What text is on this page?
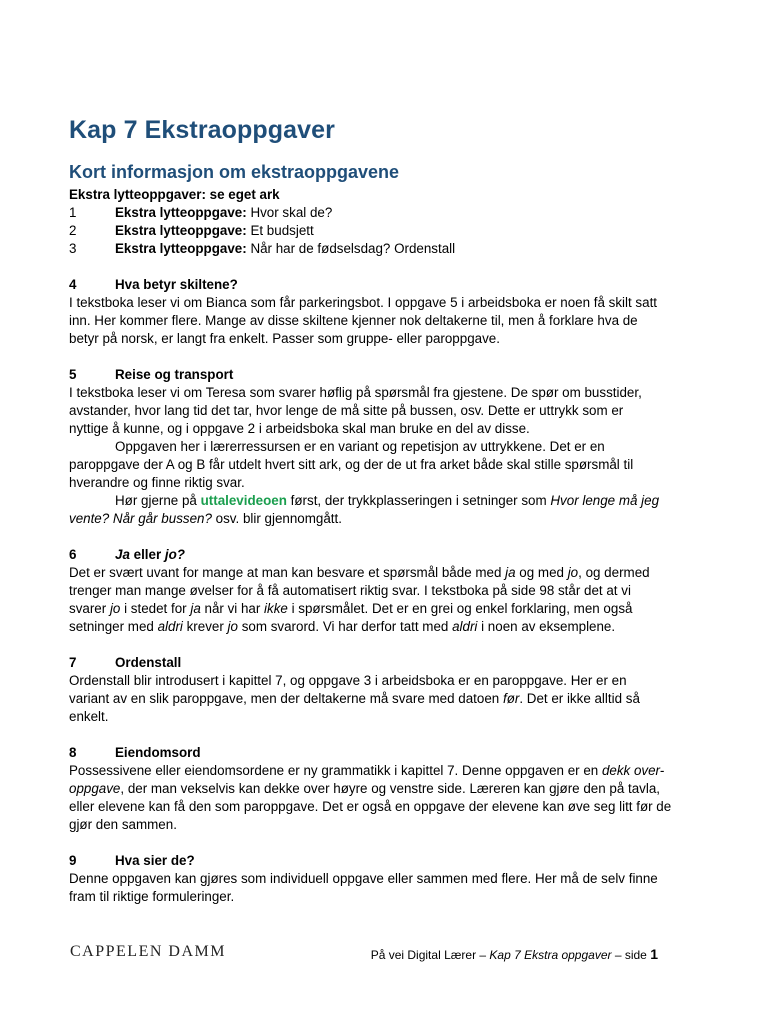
Kap 7 Ekstraoppgaver
Kort informasjon om ekstraoppgavene
Ekstra lytteoppgaver: se eget ark
1	Ekstra lytteoppgave: Hvor skal de?
2	Ekstra lytteoppgave: Et budsjett
3	Ekstra lytteoppgave: Når har de fødselsdag? Ordenstall
4	Hva betyr skiltene?
I tekstboka leser vi om Bianca som får parkeringsbot. I oppgave 5 i arbeidsboka er noen få skilt satt
inn. Her kommer flere. Mange av disse skiltene kjenner nok deltakerne til, men å forklare hva de
betyr på norsk, er langt fra enkelt. Passer som gruppe- eller paroppgave.
5	Reise og transport
I tekstboka leser vi om Teresa som svarer høflig på spørsmål fra gjestene. De spør om busstider,
avstander, hvor lang tid det tar, hvor lenge de må sitte på bussen, osv. Dette er uttrykk som er
nyttige å kunne, og i oppgave 2 i arbeidsboka skal man bruke en del av disse.
Oppgaven her i lærerressursen er en variant og repetisjon av uttrykkene. Det er en
paroppgave der A og B får utdelt hvert sitt ark, og der de ut fra arket både skal stille spørsmål til
hverandre og finne riktig svar.
Hør gjerne på uttalevideoen først, der trykkplasseringen i setninger som Hvor lenge må jeg
vente? Når går bussen? osv. blir gjennomgått.
6	Ja eller jo?
Det er svært uvant for mange at man kan besvare et spørsmål både med ja og med jo, og dermed
trenger man mange øvelser for å få automatisert riktig svar. I tekstboka på side 98 står det at vi
svarer jo i stedet for ja når vi har ikke i spørsmålet. Det er en grei og enkel forklaring, men også
setninger med aldri krever jo som svarord. Vi har derfor tatt med aldri i noen av eksemplene.
7	Ordenstall
Ordenstall blir introdusert i kapittel 7, og oppgave 3 i arbeidsboka er en paroppgave. Her er en
variant av en slik paroppgave, men der deltakerne må svare med datoen før. Det er ikke alltid så
enkelt.
8	Eiendomsord
Possessivene eller eiendomsordene er ny grammatikk i kapittel 7. Denne oppgaven er en dekk over-
oppgave, der man vekselvis kan dekke over høyre og venstre side. Læreren kan gjøre den på tavla,
eller elevene kan få den som paroppgave. Det er også en oppgave der elevene kan øve seg litt før de
gjør den sammen.
9	Hva sier de?
Denne oppgaven kan gjøres som individuell oppgave eller sammen med flere. Her må de selv finne
fram til riktige formuleringer.
CAPPELEN DAMM	På vei Digital Lærer – Kap 7 Ekstra oppgaver – side 1
